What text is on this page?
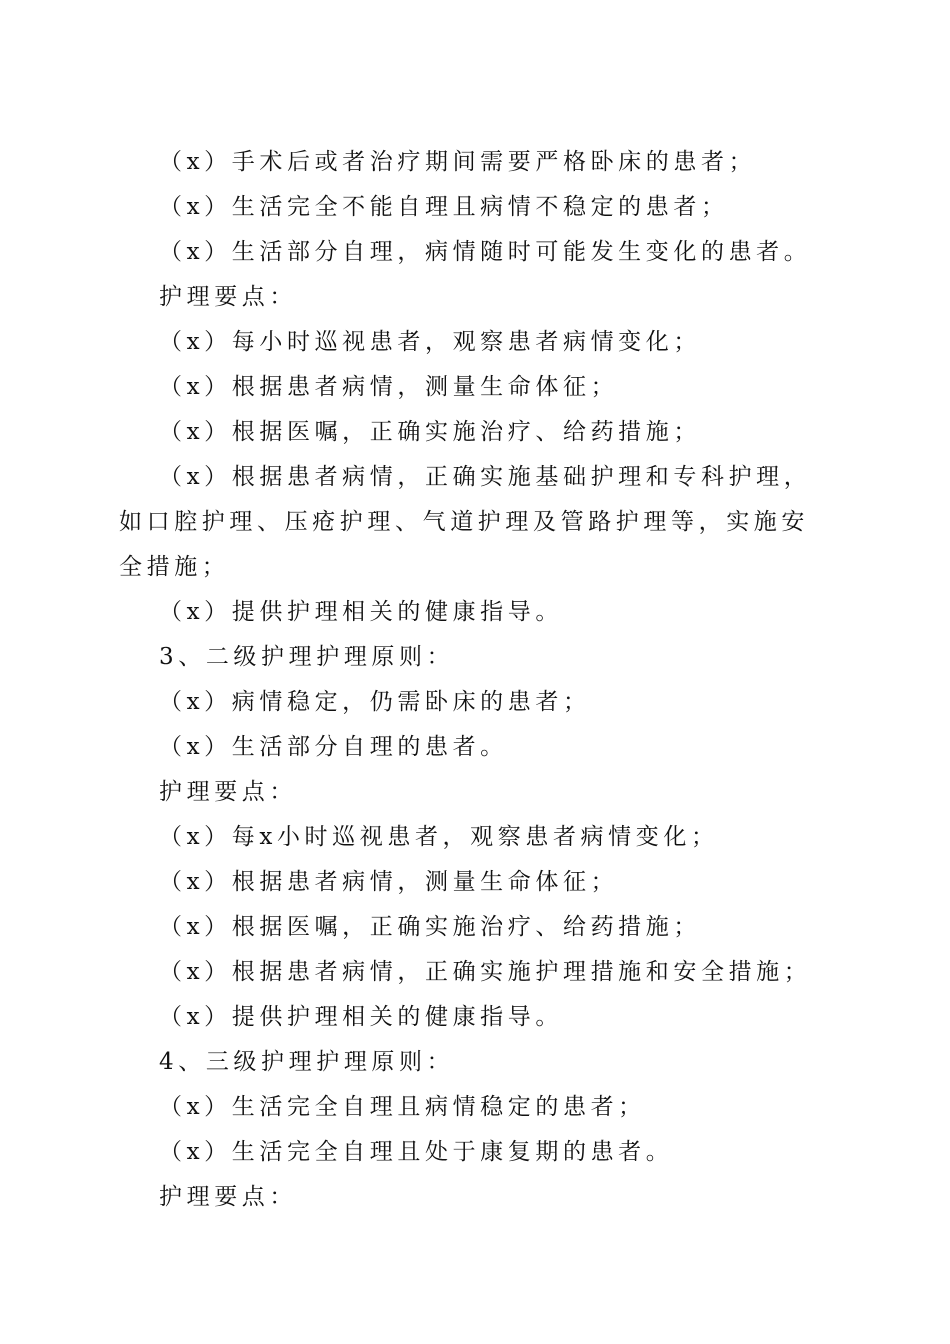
（x）手术后或者治疗期间需要严格卧床的患者；
（x）生活完全不能自理且病情不稳定的患者；
（x）生活部分自理，病情随时可能发生变化的患者。
护理要点：
（x）每小时巡视患者，观察患者病情变化；
（x）根据患者病情，测量生命体征；
（x）根据医嘱，正确实施治疗、给药措施；
（x）根据患者病情，正确实施基础护理和专科护理，如口腔护理、压疮护理、气道护理及管路护理等，实施安全措施；
（x）提供护理相关的健康指导。
3、二级护理护理原则：
（x）病情稳定，仍需卧床的患者；
（x）生活部分自理的患者。
护理要点：
（x）每x小时巡视患者，观察患者病情变化；
（x）根据患者病情，测量生命体征；
（x）根据医嘱，正确实施治疗、给药措施；
（x）根据患者病情，正确实施护理措施和安全措施；
（x）提供护理相关的健康指导。
4、三级护理护理原则：
（x）生活完全自理且病情稳定的患者；
（x）生活完全自理且处于康复期的患者。
护理要点：
